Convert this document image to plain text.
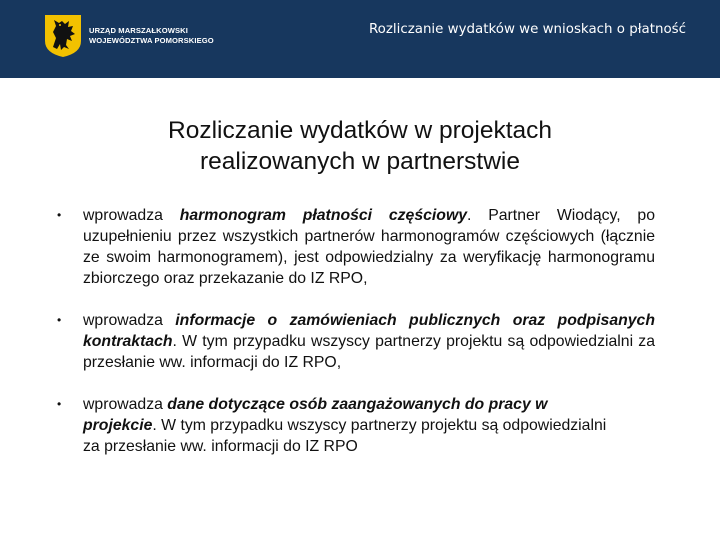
URZĄD MARSZAŁKOWSKI
WOJEWÓDZTWA POMORSKIEGO
Rozliczanie wydatków we wnioskach o płatność
Rozliczanie wydatków w projektach
realizowanych w partnerstwie
• wprowadza harmonogram płatności częściowy. Partner Wiodący, po uzupełnieniu przez wszystkich partnerów harmonogramów częściowych (łącznie ze swoim harmonogramem), jest odpowiedzialny za weryfikację harmonogramu zbiorczego oraz przekazanie do IZ RPO,
• wprowadza informacje o zamówieniach publicznych oraz podpisanych kontraktach. W tym przypadku wszyscy partnerzy projektu są odpowiedzialni za przesłanie ww. informacji do IZ RPO,
• wprowadza dane dotyczące osób zaangażowanych do pracy w projekcie. W tym przypadku wszyscy partnerzy projektu są odpowiedzialni za przesłanie ww. informacji do IZ RPO
